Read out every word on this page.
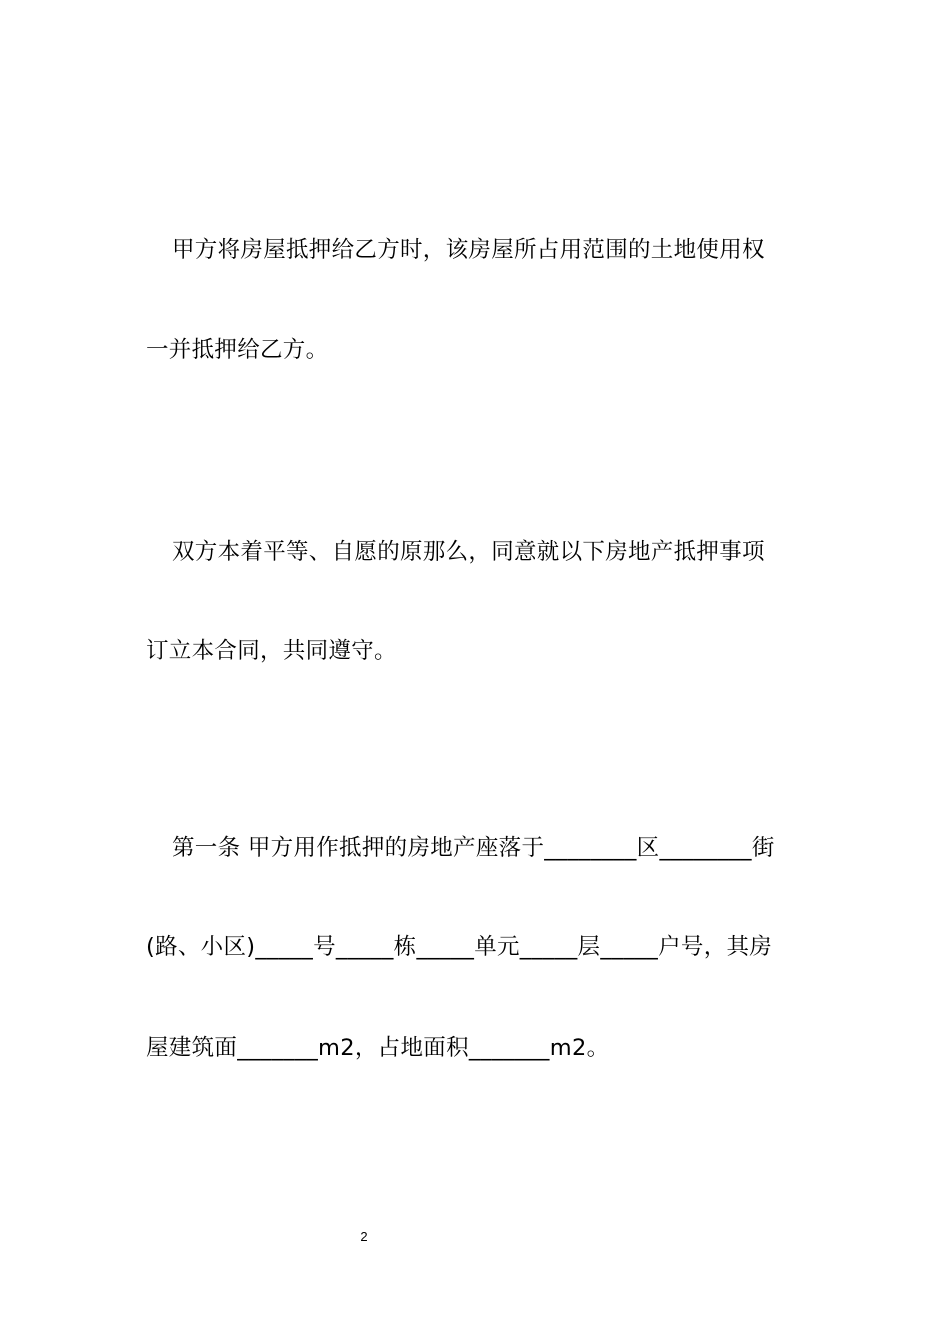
甲方将房屋抵押给乙方时，该房屋所占用范围的土地使用权
一并抵押给乙方。
双方本着平等、自愿的原那么，同意就以下房地产抵押事项
订立本合同，共同遵守。
第一条 甲方用作抵押的房地产座落于________区________街
(路、小区)_____号_____栋_____单元_____层_____户号，其房
屋建筑面_______m2，占地面积_______m2。
2
